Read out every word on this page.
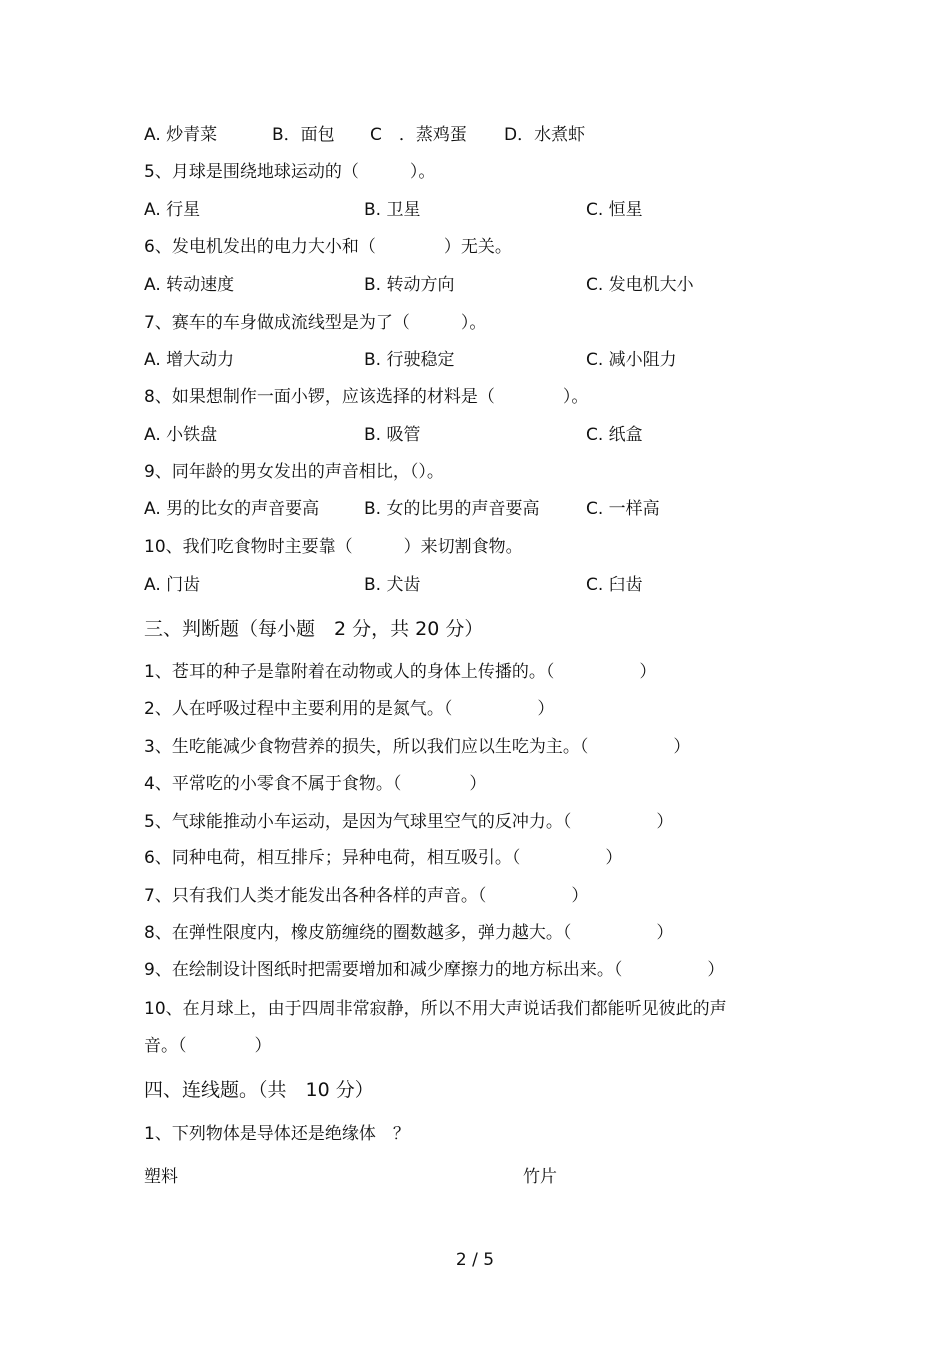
A. 炒青菜	B．面包 C　．蒸鸡蛋 D．水煮虾
5、月球是围绕地球运动的（　　　）。
A. 行星	B. 卫星	C. 恒星
6、发电机发出的电力大小和（　　　　）无关。
A. 转动速度	B. 转动方向	C. 发电机大小
7、赛车的车身做成流线型是为了（　　　）。
A. 增大动力	B. 行驶稳定	C. 减小阻力
8、如果想制作一面小锣，应该选择的材料是（　　　　）。
A. 小铁盘	B. 吸管	C. 纸盒
9、同年龄的男女发出的声音相比，（）。
A. 男的比女的声音要高	B. 女的比男的声音要高	C. 一样高
10、我们吃食物时主要靠（　　　）来切割食物。
A. 门齿	B. 犬齿	C. 臼齿
三、判断题（每小题　2 分，共 20 分）
1、苍耳的种子是靠附着在动物或人的身体上传播的。（　　　　　）
2、人在呼吸过程中主要利用的是氮气。（　　　　　）
3、生吃能减少食物营养的损失，所以我们应以生吃为主。（　　　　　）
4、平常吃的小零食不属于食物。（　　　　）
5、气球能推动小车运动，是因为气球里空气的反冲力。（　　　　　）
6、同种电荷，相互排斥；异种电荷，相互吸引。（　　　　　）
7、只有我们人类才能发出各种各样的声音。（　　　　　）
8、在弹性限度内，橡皮筋缠绕的圈数越多，弹力越大。（　　　　　）
9、在绘制设计图纸时把需要增加和减少摩擦力的地方标出来。（　　　　　）
10、在月球上，由于四周非常寂静，所以不用大声说话我们都能听见彼此的声
音。（　　　　）
四、连线题。（共　10 分）
1、下列物体是导体还是绝缘体　？
塑料	竹片
2 / 5
